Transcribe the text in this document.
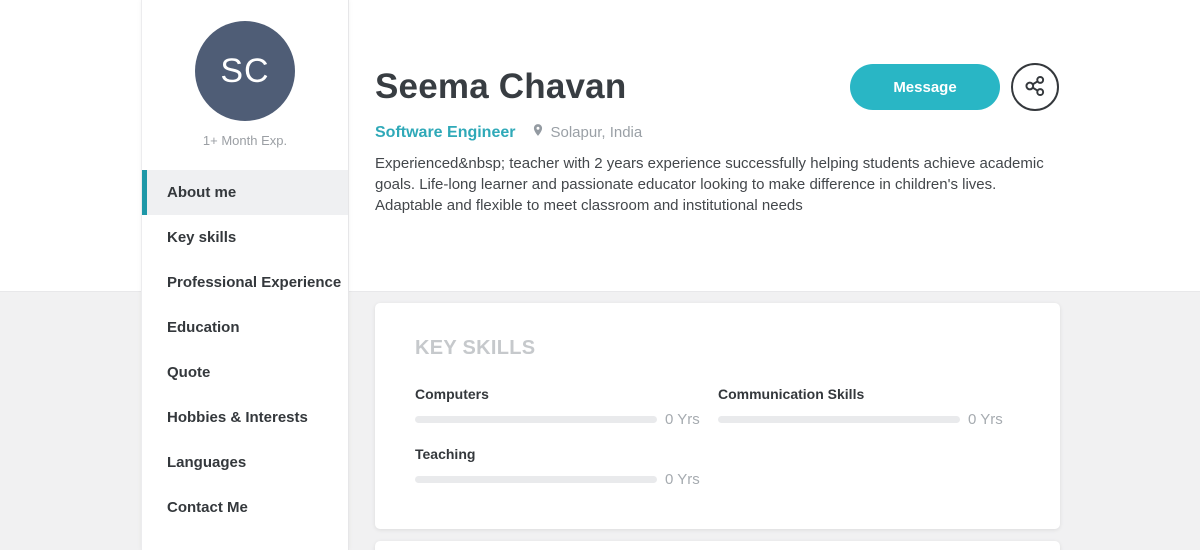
SC
1+ Month Exp.
About me
Key skills
Professional Experience
Education
Quote
Hobbies & Interests
Languages
Contact Me
Seema Chavan
Software Engineer Solapur, India

Experienced&nbsp; teacher with 2 years experience successfully helping students achieve academic goals. Life-long learner and passionate educator looking to make difference in children's lives. Adaptable and flexible to meet classroom and institutional needs

Message
KEY SKILLS
Computers
0 Yrs
Communication Skills
0 Yrs
Teaching
0 Yrs
